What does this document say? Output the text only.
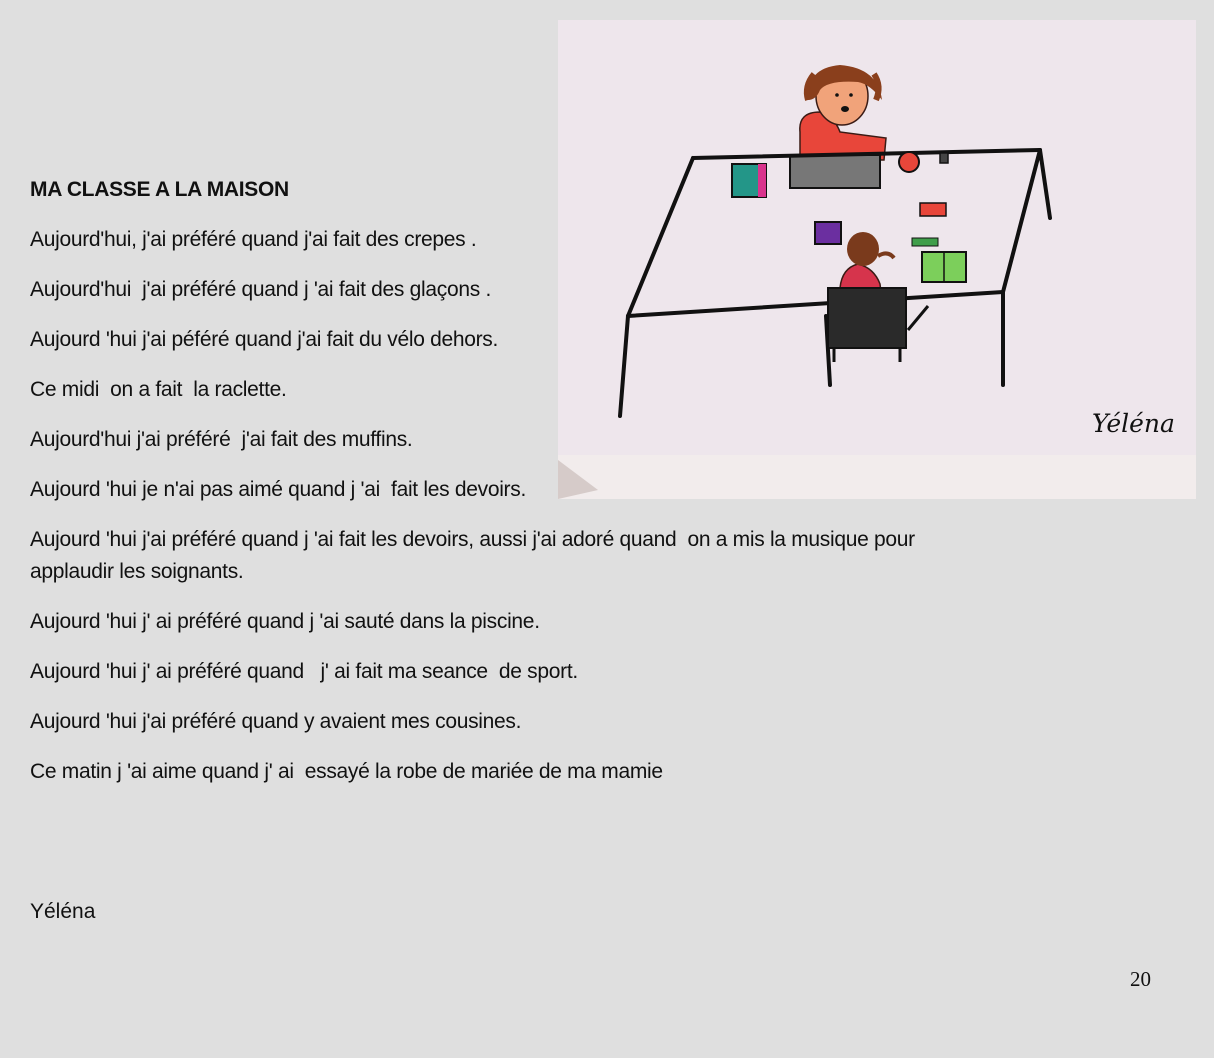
Yéléna
MA CLASSE A LA MAISON
Aujourd'hui, j'ai préféré quand j'ai fait des crepes .
Aujourd'hui  j'ai préféré quand j 'ai fait des glaçons .
Aujourd 'hui j'ai péféré quand j'ai fait du vélo dehors.
Ce midi  on a fait  la raclette.
Aujourd'hui j'ai préféré  j'ai fait des muffins.
Aujourd 'hui je n'ai pas aimé quand j 'ai  fait les devoirs.
Aujourd 'hui j'ai préféré quand j 'ai fait les devoirs, aussi j'ai adoré quand  on a mis la musique pour applaudir les soignants.
Aujourd 'hui j' ai préféré quand j 'ai sauté dans la piscine.
Aujourd 'hui j' ai préféré quand   j' ai fait ma seance  de sport.
Aujourd 'hui j'ai préféré quand y avaient mes cousines.
Ce matin j 'ai aime quand j' ai  essayé la robe de mariée de ma mamie
Yéléna
20
